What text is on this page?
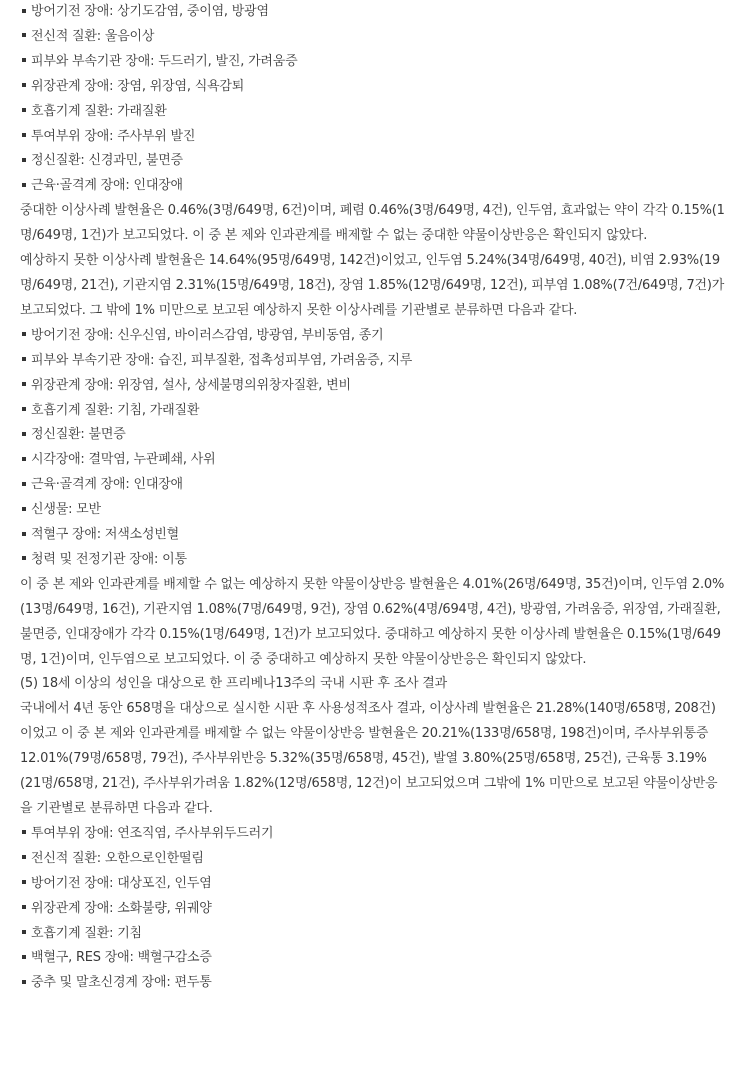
방어기전 장애: 상기도감염, 중이염, 방광염
전신적 질환: 울음이상
피부와 부속기관 장애: 두드러기, 발진, 가려움증
위장관계 장애: 장염, 위장염, 식욕감퇴
호흡기계 질환: 가래질환
투여부위 장애: 주사부위 발진
정신질환: 신경과민, 불면증
근육·골격계 장애: 인대장애

중대한 이상사례 발현율은 0.46%(3명/649명, 6건)이며, 폐렴 0.46%(3명/649명, 4건), 인두염, 효과없는 약이 각각 0.15%(1명/649명, 1건)가 보고되었다. 이 중 본 제와 인과관계를 배제할 수 없는 중대한 약물이상반응은 확인되지 않았다.

예상하지 못한 이상사례 발현율은 14.64%(95명/649명, 142건)이었고, 인두염 5.24%(34명/649명, 40건), 비염 2.93%(19명/649명, 21건), 기관지염 2.31%(15명/649명, 18건), 장염 1.85%(12명/649명, 12건), 피부염 1.08%(7건/649명, 7건)가 보고되었다. 그 밖에 1% 미만으로 보고된 예상하지 못한 이상사례를 기관별로 분류하면 다음과 같다.

방어기전 장애: 신우신염, 바이러스감염, 방광염, 부비동염, 종기
피부와 부속기관 장애: 습진, 피부질환, 접촉성피부염, 가려움증, 지루
위장관계 장애: 위장염, 설사, 상세불명의위창자질환, 변비
호흡기계 질환: 기침, 가래질환
정신질환: 불면증
시각장애: 결막염, 누관폐쇄, 사위
근육·골격계 장애: 인대장애
신생물: 모반
적혈구 장애: 저색소성빈혈
청력 및 전정기관 장애: 이통

이 중 본 제와 인과관계를 배제할 수 없는 예상하지 못한 약물이상반응 발현율은 4.01%(26명/649명, 35건)이며, 인두염 2.0%(13명/649명, 16건), 기관지염 1.08%(7명/649명, 9건), 장염 0.62%(4명/694명, 4건), 방광염, 가려움증, 위장염, 가래질환, 불면증, 인대장애가 각각 0.15%(1명/649명, 1건)가 보고되었다. 중대하고 예상하지 못한 이상사례 발현율은 0.15%(1명/649명, 1건)이며, 인두염으로 보고되었다. 이 중 중대하고 예상하지 못한 약물이상반응은 확인되지 않았다.

(5) 18세 이상의 성인을 대상으로 한 프리베나13주의 국내 시판 후 조사 결과

국내에서 4년 동안 658명을 대상으로 실시한 시판 후 사용성적조사 결과, 이상사례 발현율은 21.28%(140명/658명, 208건)이었고 이 중 본 제와 인과관계를 배제할 수 없는 약물이상반응 발현율은 20.21%(133명/658명, 198건)이며, 주사부위통증 12.01%(79명/658명, 79건), 주사부위반응 5.32%(35명/658명, 45건), 발열 3.80%(25명/658명, 25건), 근육통 3.19%(21명/658명, 21건), 주사부위가려움 1.82%(12명/658명, 12건)이 보고되었으며 그밖에 1% 미만으로 보고된 약물이상반응을 기관별로 분류하면 다음과 같다.

투여부위 장애: 연조직염, 주사부위두드러기
전신적 질환: 오한으로인한떨림
방어기전 장애: 대상포진, 인두염
위장관계 장애: 소화불량, 위궤양
호흡기계 질환: 기침
백혈구, RES 장애: 백혈구감소증
중추 및 말초신경계 장애: 편두통
